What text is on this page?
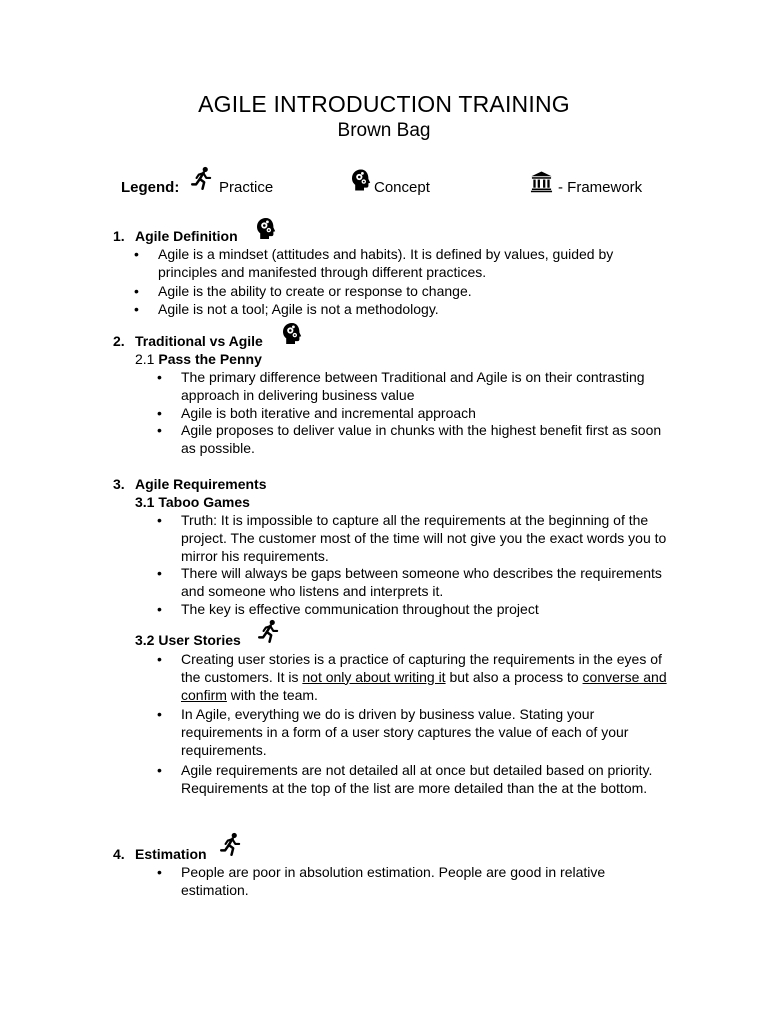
AGILE INTRODUCTION TRAINING
Brown Bag
Legend:	Practice	Concept	- Framework
1. Agile Definition
• Agile is a mindset (attitudes and habits). It is defined by values, guided by principles and manifested through different practices.
• Agile is the ability to create or response to change.
• Agile is not a tool; Agile is not a methodology.
2. Traditional vs Agile
2.1 Pass the Penny
• The primary difference between Traditional and Agile is on their contrasting approach in delivering business value
• Agile is both iterative and incremental approach
• Agile proposes to deliver value in chunks with the highest benefit first as soon as possible.
3. Agile Requirements
3.1 Taboo Games
• Truth: It is impossible to capture all the requirements at the beginning of the project. The customer most of the time will not give you the exact words you to mirror his requirements.
• There will always be gaps between someone who describes the requirements and someone who listens and interprets it.
• The key is effective communication throughout the project
3.2 User Stories
• Creating user stories is a practice of capturing the requirements in the eyes of the customers. It is not only about writing it but also a process to converse and confirm with the team.
• In Agile, everything we do is driven by business value. Stating your requirements in a form of a user story captures the value of each of your requirements.
• Agile requirements are not detailed all at once but detailed based on priority. Requirements at the top of the list are more detailed than the at the bottom.
4. Estimation
• People are poor in absolution estimation. People are good in relative estimation.
